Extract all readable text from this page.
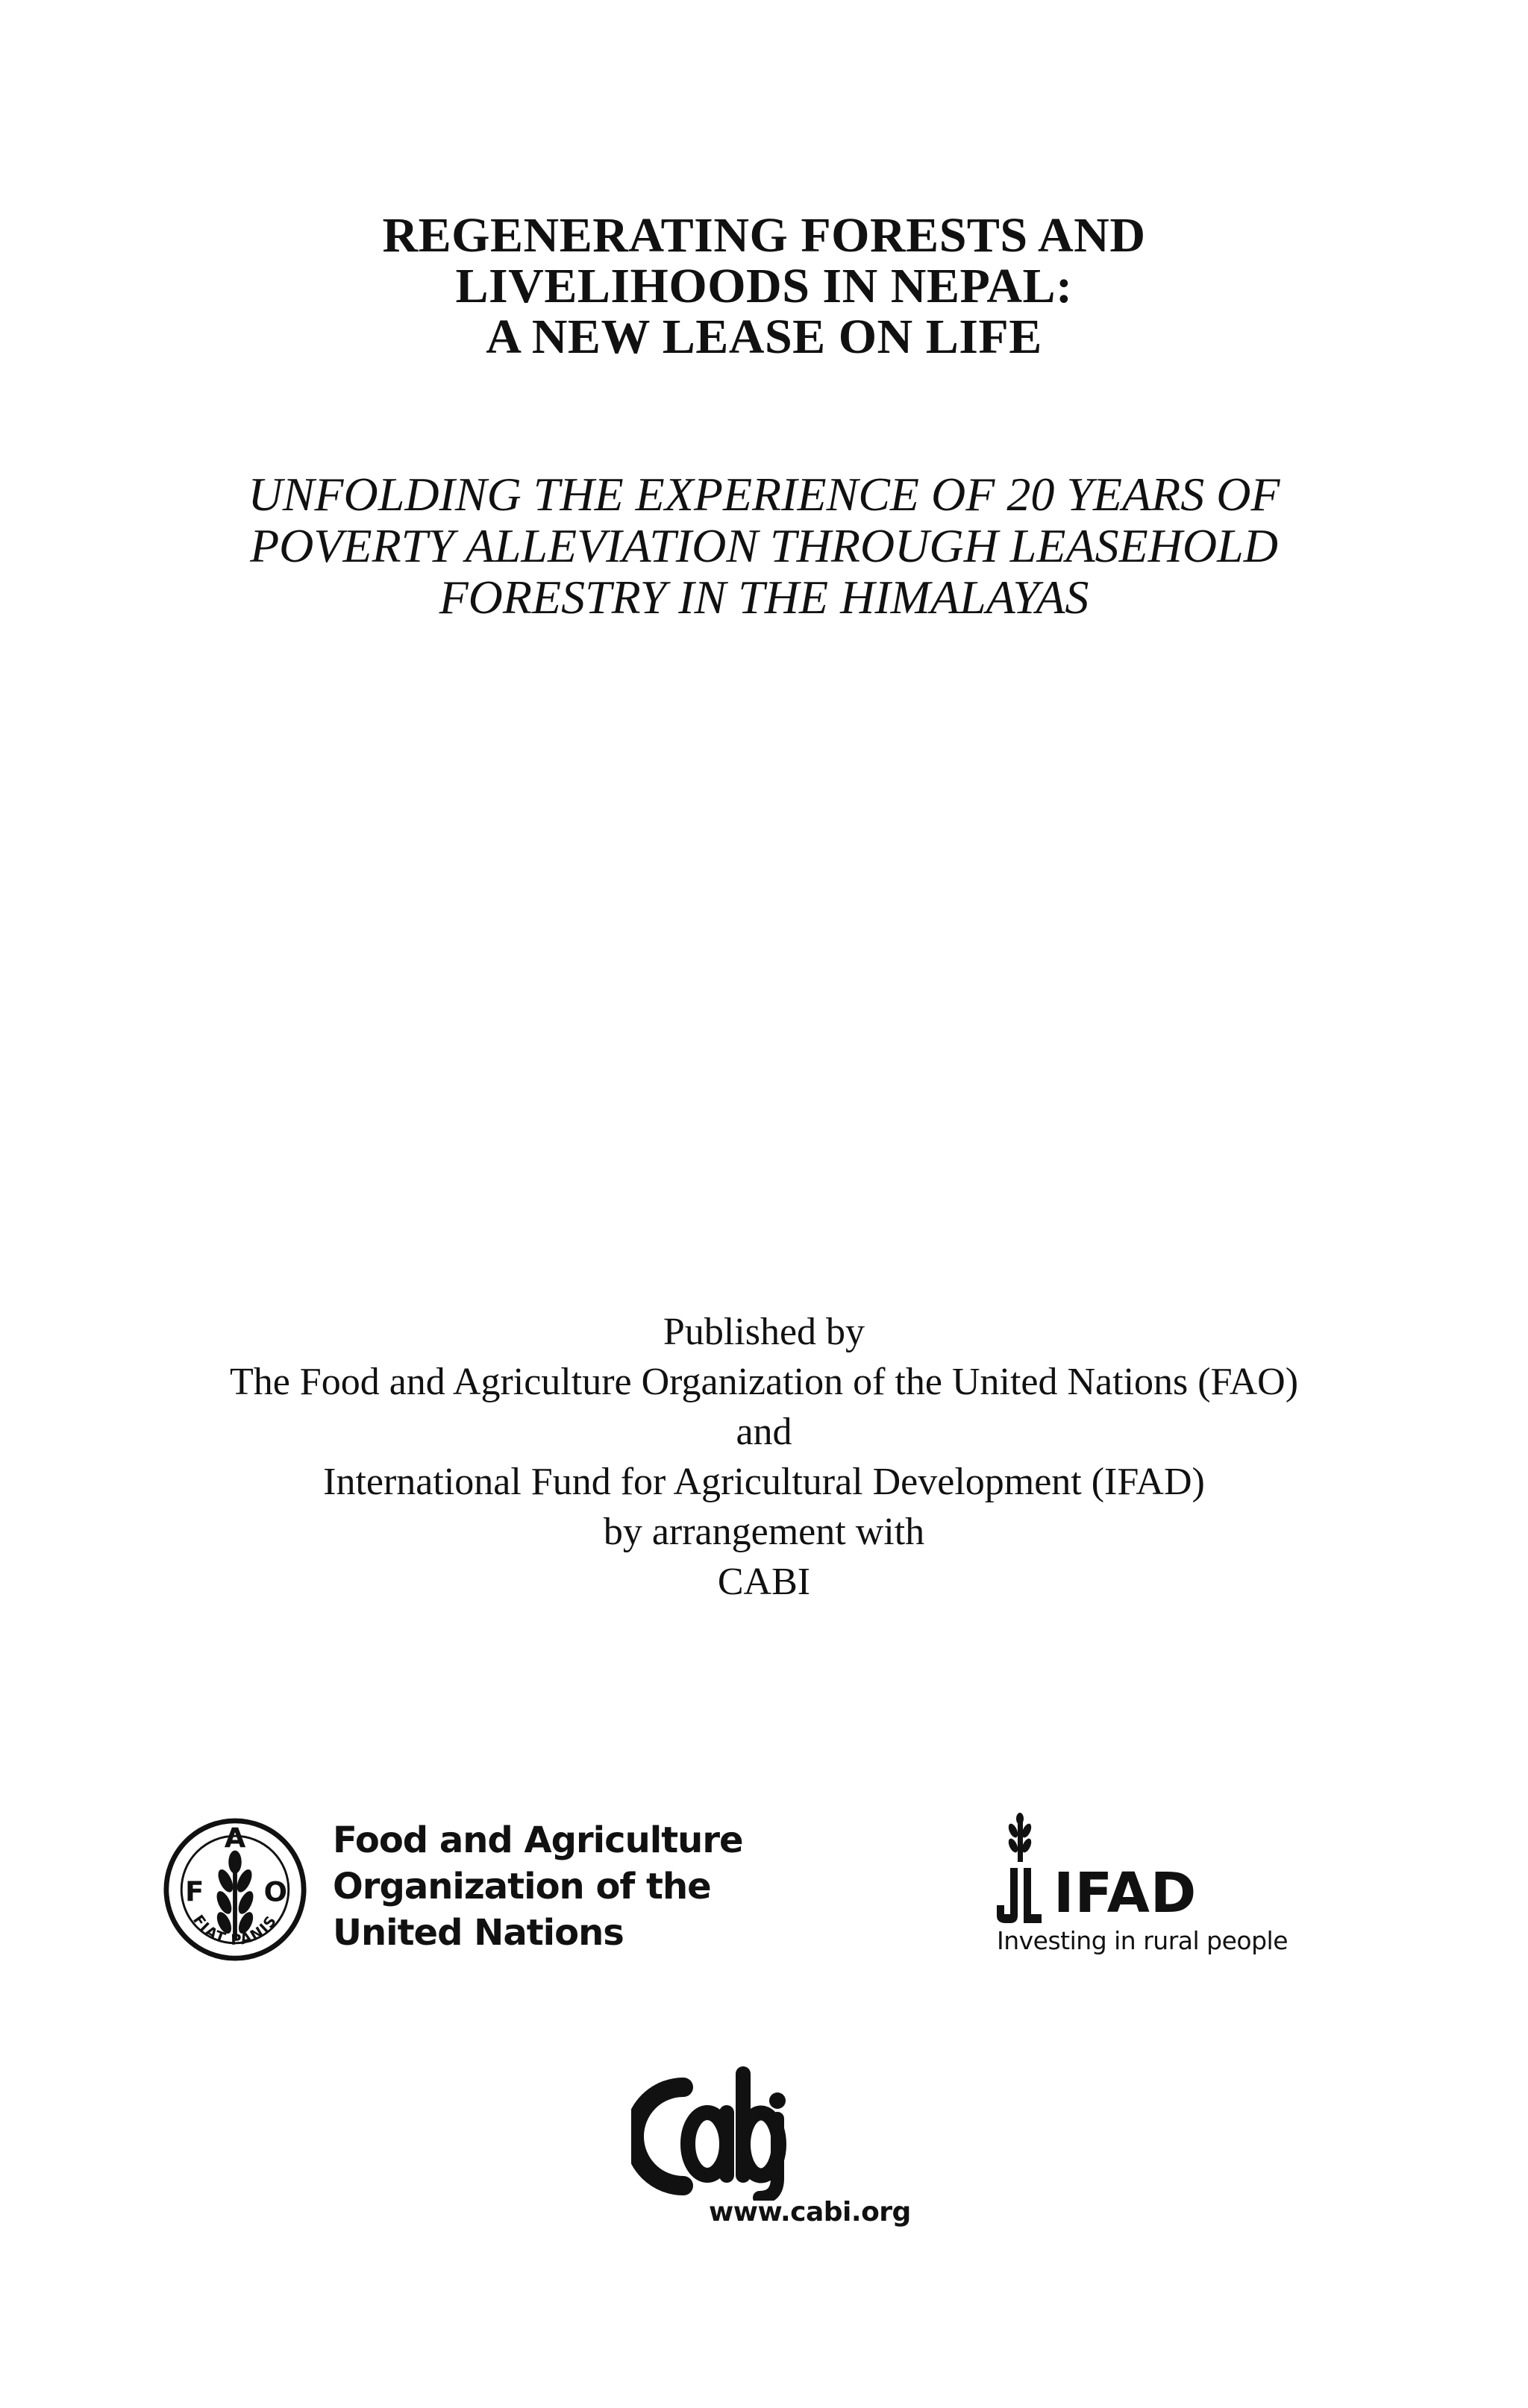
REGENERATING FORESTS AND
LIVELIHOODS IN NEPAL:
A NEW LEASE ON LIFE
UNFOLDING THE EXPERIENCE OF 20 YEARS OF
POVERTY ALLEVIATION THROUGH LEASEHOLD
FORESTRY IN THE HIMALAYAS
Published by
The Food and Agriculture Organization of the United Nations (FAO)
and
International Fund for Agricultural Development (IFAD)
by arrangement with
CABI
A
F O
FIAT PANIS
Food and Agriculture
Organization of the
United Nations
IFAD
Investing in rural people
www.cabi.org
